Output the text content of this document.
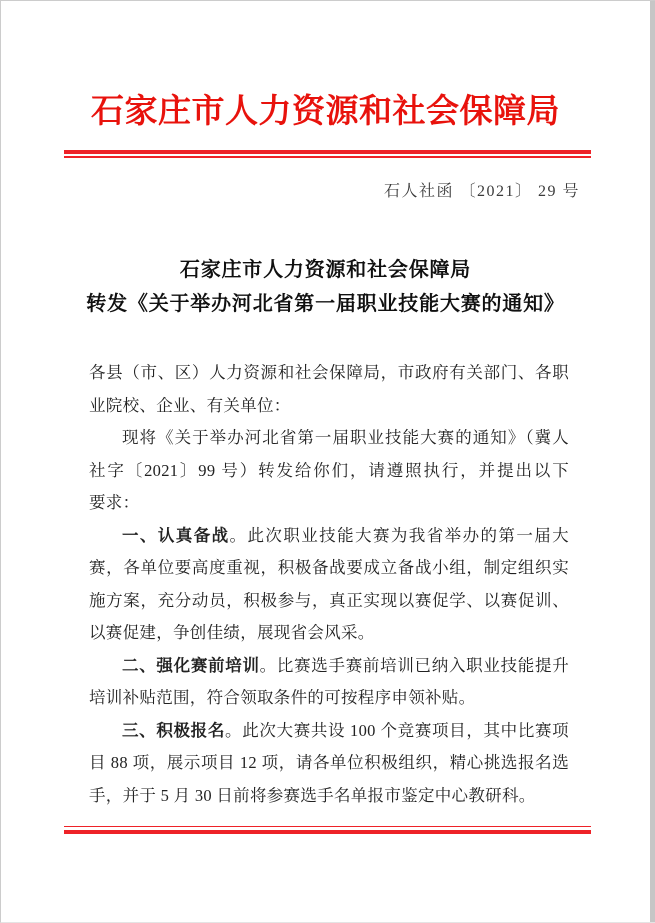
石家庄市人力资源和社会保障局
石人社函 〔2021〕 29 号
石家庄市人力资源和社会保障局
转发《关于举办河北省第一届职业技能大赛的通知》
各县（市、区）人力资源和社会保障局，市政府有关部门、各职
业院校、企业、有关单位：
现将《关于举办河北省第一届职业技能大赛的通知》（冀人
社字〔2021〕99 号）转发给你们，请遵照执行，并提出以下
要求：
一、认真备战。此次职业技能大赛为我省举办的第一届大
赛，各单位要高度重视，积极备战要成立备战小组，制定组织实
施方案，充分动员，积极参与，真正实现以赛促学、以赛促训、
以赛促建，争创佳绩，展现省会风采。
二、强化赛前培训。比赛选手赛前培训已纳入职业技能提升
培训补贴范围，符合领取条件的可按程序申领补贴。
三、积极报名。此次大赛共设 100 个竞赛项目，其中比赛项
目 88 项，展示项目 12 项，请各单位积极组织，精心挑选报名选
手，并于 5 月 30 日前将参赛选手名单报市鉴定中心教研科。
